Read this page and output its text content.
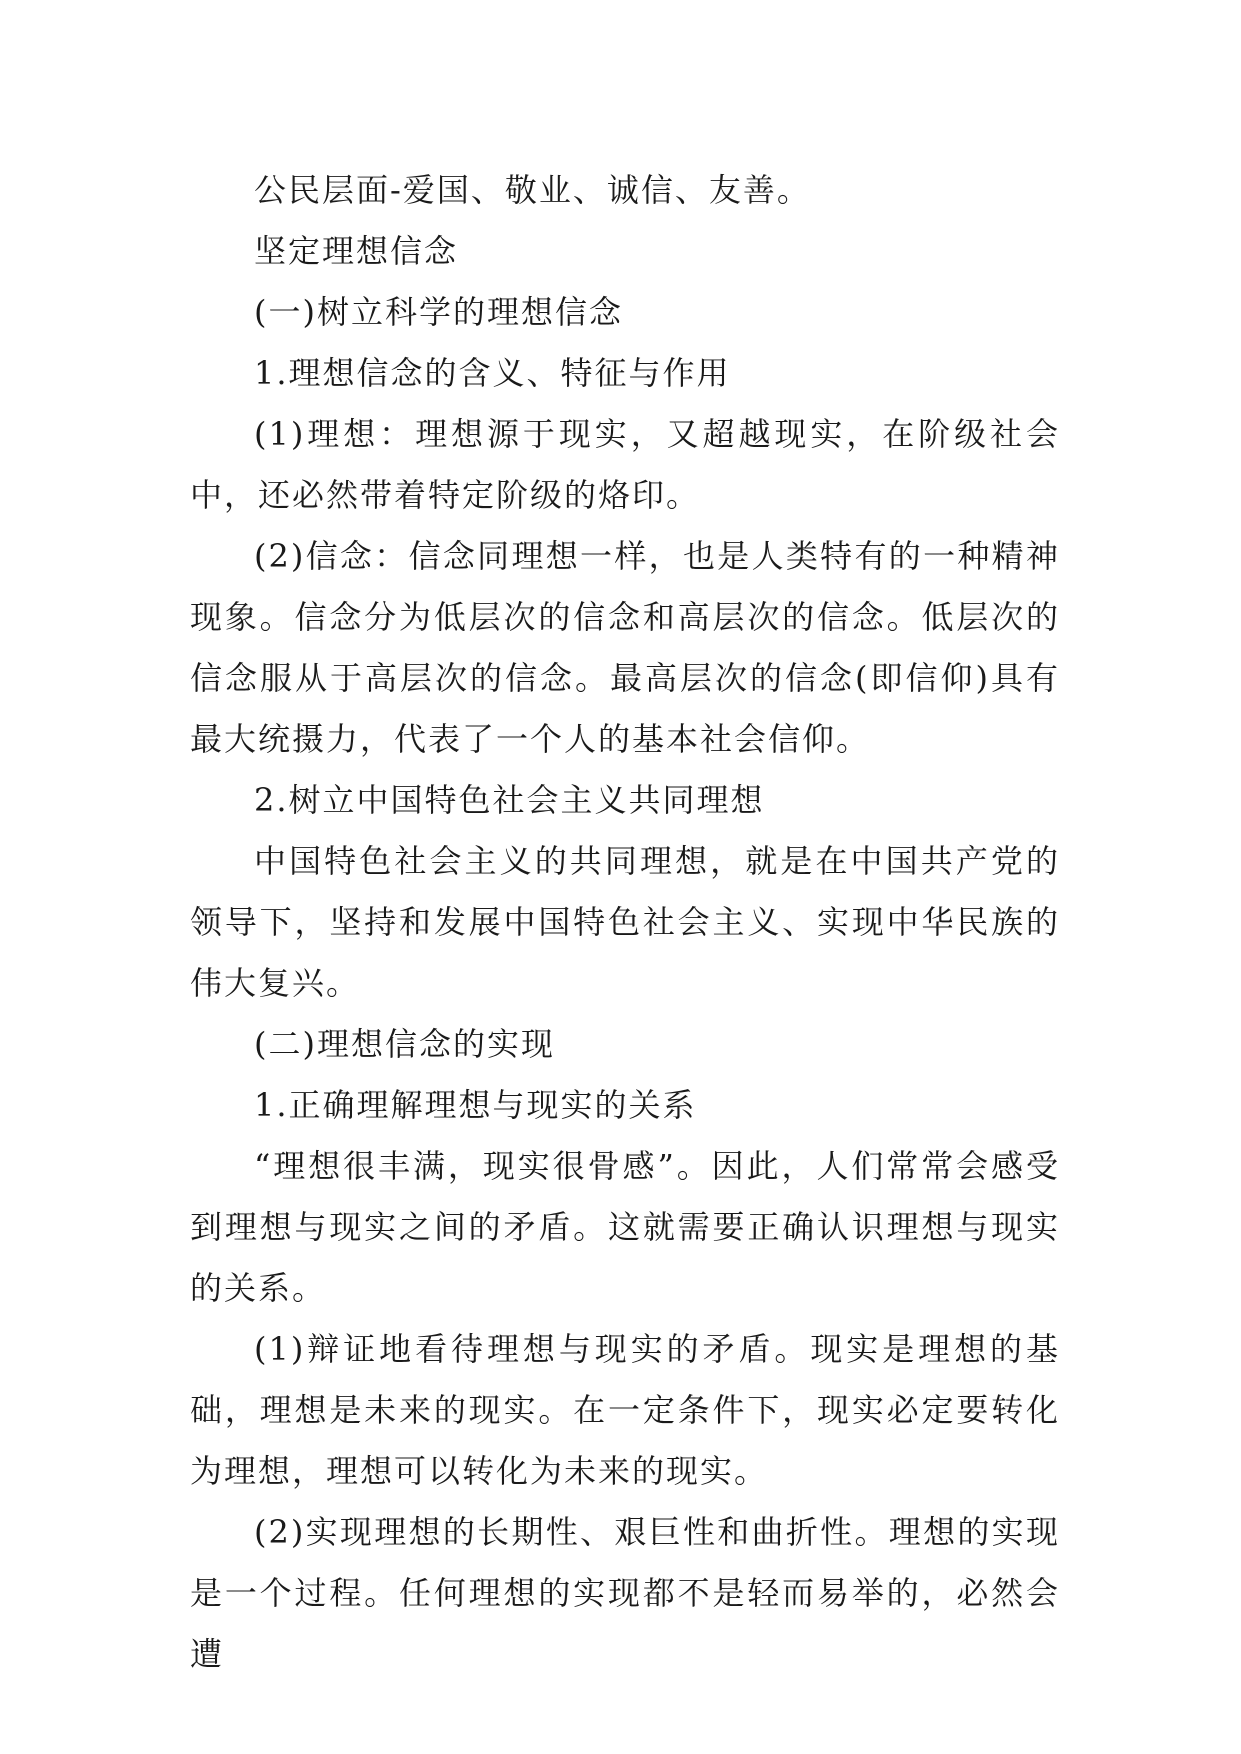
公民层面-爱国、敬业、诚信、友善。

坚定理想信念

(一)树立科学的理想信念

1.理想信念的含义、特征与作用

(1)理想：理想源于现实，又超越现实，在阶级社会中，还必然带着特定阶级的烙印。

(2)信念：信念同理想一样，也是人类特有的一种精神现象。信念分为低层次的信念和高层次的信念。低层次的信念服从于高层次的信念。最高层次的信念(即信仰)具有最大统摄力，代表了一个人的基本社会信仰。

2.树立中国特色社会主义共同理想

中国特色社会主义的共同理想，就是在中国共产党的领导下，坚持和发展中国特色社会主义、实现中华民族的伟大复兴。

(二)理想信念的实现

1.正确理解理想与现实的关系

“理想很丰满，现实很骨感”。因此，人们常常会感受到理想与现实之间的矛盾。这就需要正确认识理想与现实的关系。

(1)辩证地看待理想与现实的矛盾。现实是理想的基础，理想是未来的现实。在一定条件下，现实必定要转化为理想，理想可以转化为未来的现实。

(2)实现理想的长期性、艰巨性和曲折性。理想的实现是一个过程。任何理想的实现都不是轻而易举的，必然会遭
